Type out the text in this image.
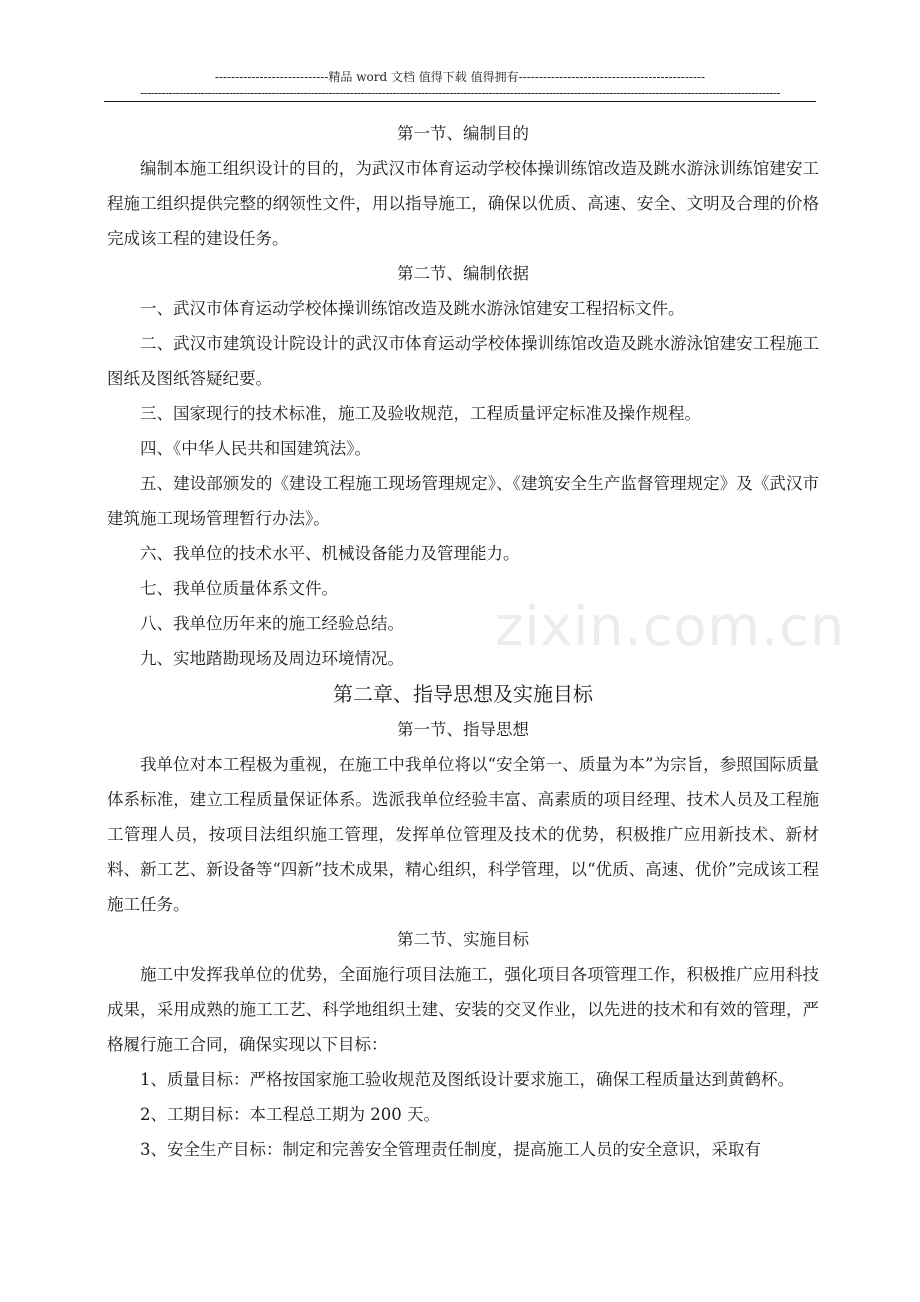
----------------------------精品 word 文档 值得下载 值得拥有----------------------------------------------
------------------------------------------------------------------------------------------------------------------------------------------------------------------------------------

第一节、编制目的

编制本施工组织设计的目的，为武汉市体育运动学校体操训练馆改造及跳水游泳训练馆建安工程施工组织提供完整的纲领性文件，用以指导施工，确保以优质、高速、安全、文明及合理的价格完成该工程的建设任务。

第二节、编制依据

一、武汉市体育运动学校体操训练馆改造及跳水游泳馆建安工程招标文件。

二、武汉市建筑设计院设计的武汉市体育运动学校体操训练馆改造及跳水游泳馆建安工程施工图纸及图纸答疑纪要。

三、国家现行的技术标准，施工及验收规范，工程质量评定标准及操作规程。

四、《中华人民共和国建筑法》。

五、建设部颁发的《建设工程施工现场管理规定》、《建筑安全生产监督管理规定》及《武汉市建筑施工现场管理暂行办法》。

六、我单位的技术水平、机械设备能力及管理能力。

七、我单位质量体系文件。

八、我单位历年来的施工经验总结。

九、实地踏勘现场及周边环境情况。

第二章、指导思想及实施目标

第一节、指导思想

我单位对本工程极为重视，在施工中我单位将以“安全第一、质量为本”为宗旨，参照国际质量体系标准，建立工程质量保证体系。选派我单位经验丰富、高素质的项目经理、技术人员及工程施工管理人员，按项目法组织施工管理，发挥单位管理及技术的优势，积极推广应用新技术、新材料、新工艺、新设备等“四新”技术成果，精心组织，科学管理，以“优质、高速、优价”完成该工程施工任务。

第二节、实施目标

施工中发挥我单位的优势，全面施行项目法施工，强化项目各项管理工作，积极推广应用科技成果，采用成熟的施工工艺、科学地组织土建、安装的交叉作业，以先进的技术和有效的管理，严格履行施工合同，确保实现以下目标：

1、质量目标：严格按国家施工验收规范及图纸设计要求施工，确保工程质量达到黄鹤杯。

2、工期目标：本工程总工期为 200 天。

3、安全生产目标：制定和完善安全管理责任制度，提高施工人员的安全意识，采取有

zixin.com.cn
